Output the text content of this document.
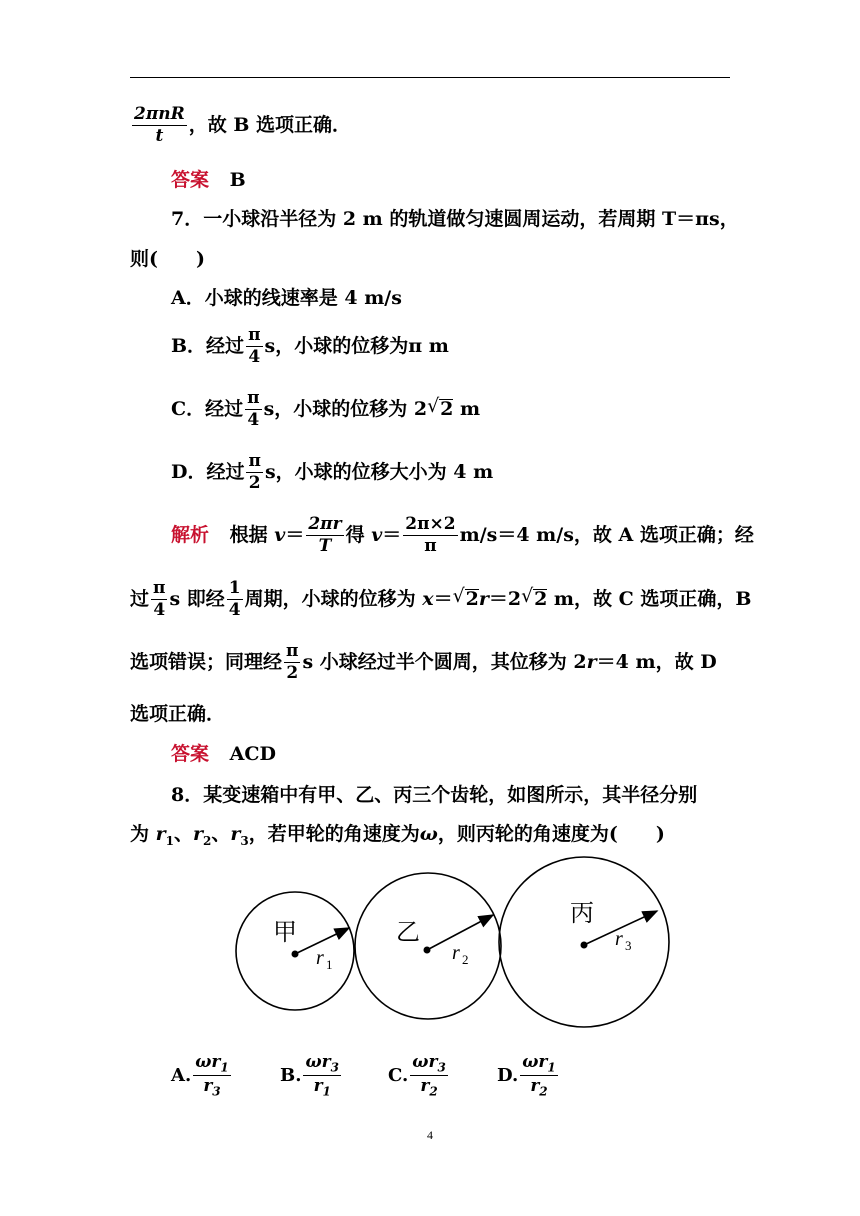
$\frac{\text{2πnR}}{t}$ ，故 B 选项正确．
答案 B
7．一小球沿半径为 2 m 的轨道做匀速圆周运动，若周期 T＝πs，
则(　　)
A．小球的线速率是 4 m/s
B．经过 $\frac{\pi}{4}$ s，小球的位移为π m
C．经过 $\frac{\pi}{4}$ s，小球的位移为 2 √ 2 m
D．经过 $\frac{\pi}{2}$ s，小球的位移大小为 4 m
解析 根据 $v= \frac{2\pi r}{T}$ 得 $v= \frac{2\pi\times 2}{\pi} m/s=4$ m/s，故 A 选项正确；经
过 $\frac{\pi}{4}$ s 即经 $\frac{1}{4}$ 周期，小球的位移为 x＝ √ 2r＝2 √ 2 m，故 C 选项正确，B
选项错误；同理经 $\frac{\pi}{2}$ s 小球经过半个圆周，其位移为 2r＝4 m，故 D
选项正确．
答案 ACD
8．某变速箱中有甲、乙、丙三个齿轮，如图所示，其半径分别
为 $r_1$、$r_2$、$r_3$，若甲轮的角速度为ω，则丙轮的角速度为(　　)
甲	乙
丙
r 1
r 2
r 3
A. $\frac{\omega r_1}{r_3}$	B. $\frac{\omega r_3}{r_1}$	C. $\frac{\omega r_3}{r_2}$	D. $\frac{\omega r_1}{r_2}$
4
